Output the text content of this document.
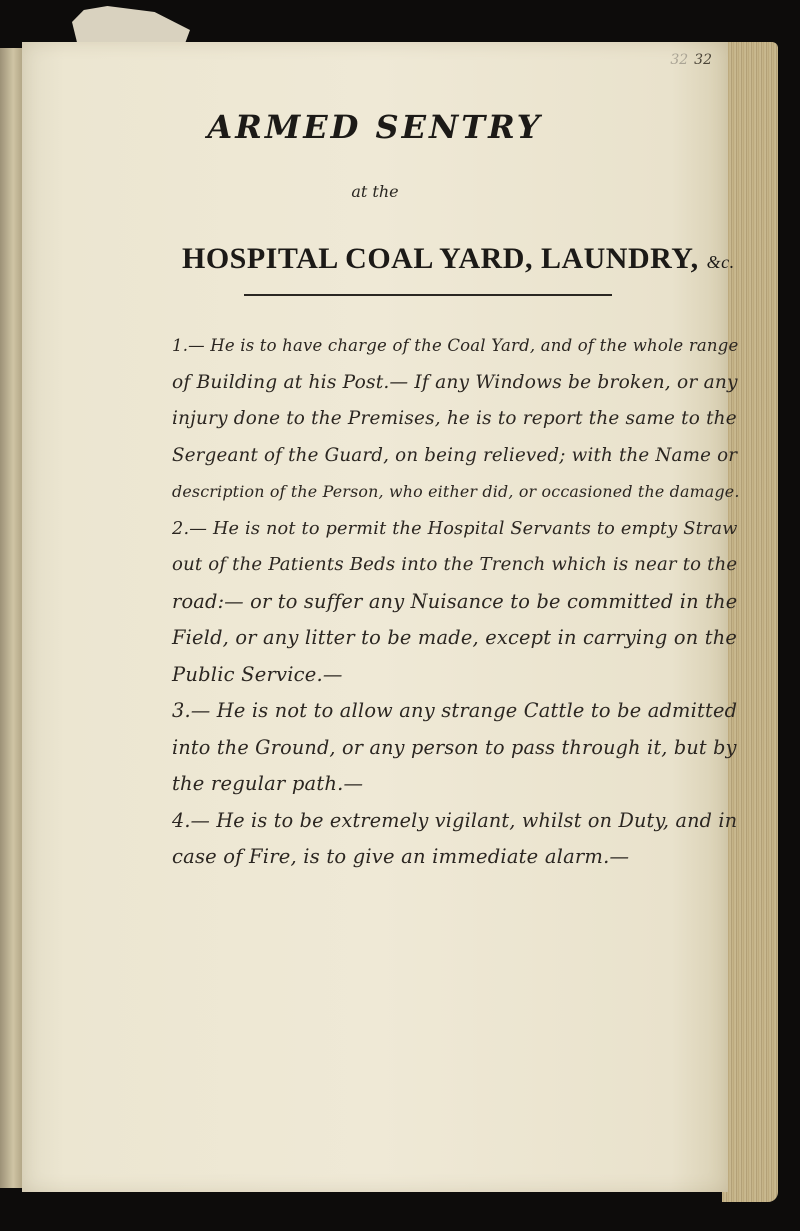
32 32
ARMED SENTRY
at the
HOSPITAL COAL YARD, LAUNDRY, &c.
1.— He is to have charge of the Coal Yard, and of the whole range
of Building at his Post.— If any Windows be broken, or any
injury done to the Premises, he is to report the same to the
Sergeant of the Guard, on being relieved; with the Name or
description of the Person, who either did, or occasioned the damage.
2.— He is not to permit the Hospital Servants to empty Straw
out of the Patients Beds into the Trench which is near to the
road:— or to suffer any Nuisance to be committed in the
Field, or any litter to be made, except in carrying on the
Public Service.—
3.— He is not to allow any strange Cattle to be admitted
into the Ground, or any person to pass through it, but by
the regular path.—
4.— He is to be extremely vigilant, whilst on Duty, and in
case of Fire, is to give an immediate alarm.—
